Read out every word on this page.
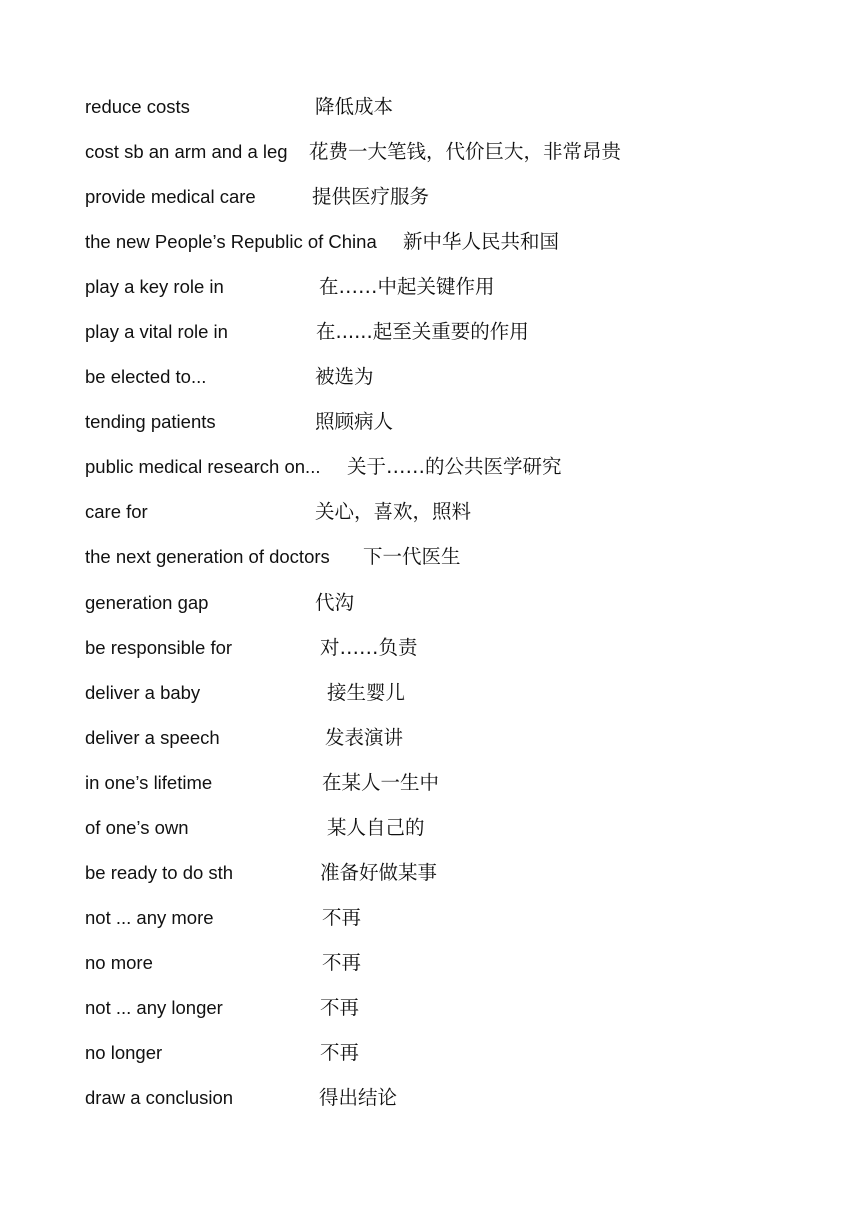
reduce costs	降低成本
cost sb an arm and a leg 花费一大笔钱，代价巨大，非常昂贵
provide medical care	提供医疗服务
the new People’s Republic of China 新中华人民共和国
play a key role in	在……中起关键作用
play a vital role in	在......起至关重要的作用
be elected to...	被选为
tending patients	照顾病人
public medical research on... 关于……的公共医学研究
care for	关心，喜欢，照料
the next generation of doctors 下一代医生
generation gap	代沟
be responsible for	对……负责
deliver a baby	接生婴儿
deliver a speech	发表演讲
in one’s lifetime	在某人一生中
of one’s own	某人自己的
be ready to do sth	准备好做某事
not ... any more	不再
no more	不再
not ... any longer	不再
no longer	不再
draw a conclusion	得出结论
